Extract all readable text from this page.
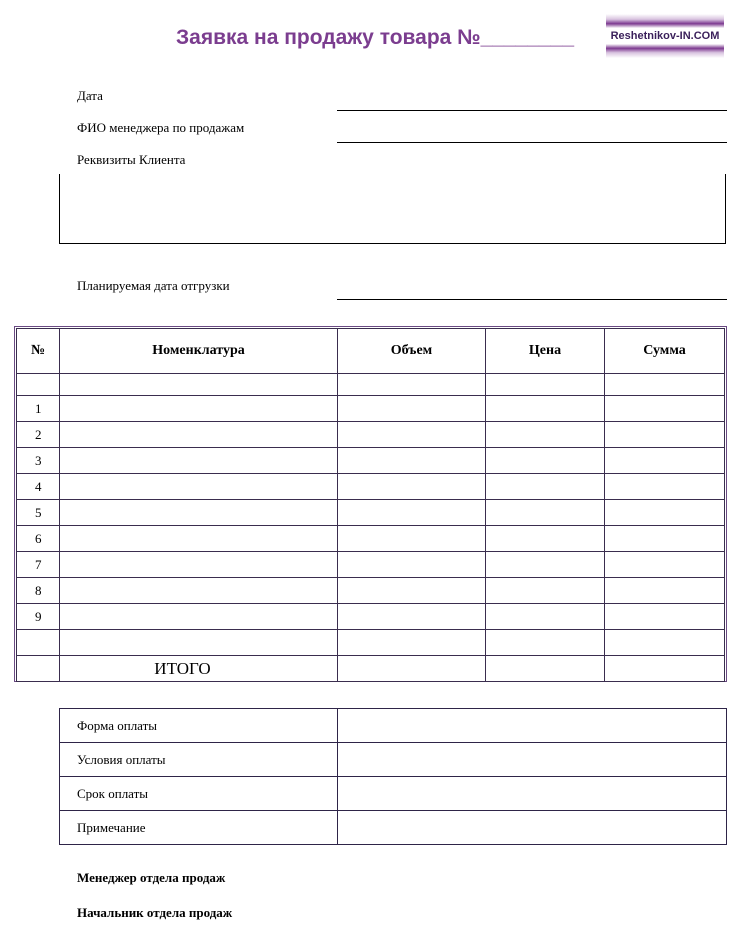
Заявка на продажу товара №________	Reshetnikov-IN.COM
Дата
ФИО менеджера по продажам
Реквизиты Клиента
Планируемая дата отгрузки
№	Номенклатура	Объем	Цена	Сумма

1				
2				
3				
4				
5				
6				
7				
8				
9				

	ИТОГО			
Форма оплаты	
Условия оплаты	
Срок оплаты	
Примечание	
Менеджер отдела продаж
Начальник отдела продаж
